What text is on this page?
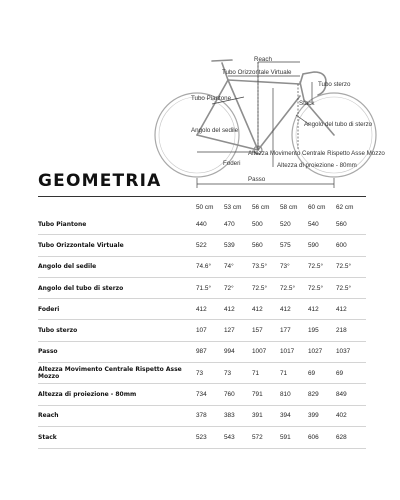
Reach
Tubo Orizzontale Virtuale
Tubo sterzo
Tubo Piantone
Stack
Angolo del tubo di sterzo
Angolo del sedile
Altezza Movimento Centrale Rispetto Asse Mozzo
Foderi	Altezza di proiezione - 80mm
Passo
GEOMETRIA
	50 cm	53 cm	56 cm	58 cm	60 cm	62 cm
Tubo Piantone	440	470	500	520	540	560
Tubo Orizzontale Virtuale	522	539	560	575	590	600
Angolo del sedile	74.6°	74°	73.5°	73°	72.5°	72.5°
Angolo del tubo di sterzo	71.5°	72°	72.5°	72.5°	72.5°	72.5°
Foderi	412	412	412	412	412	412
Tubo sterzo	107	127	157	177	195	218
Passo	987	994	1007	1017	1027	1037
Altezza Movimento Centrale Rispetto Asse Mozzo	73	73	71	71	69	69
Altezza di proiezione - 80mm	734	760	791	810	829	849
Reach	378	383	391	394	399	402
Stack	523	543	572	591	606	628
